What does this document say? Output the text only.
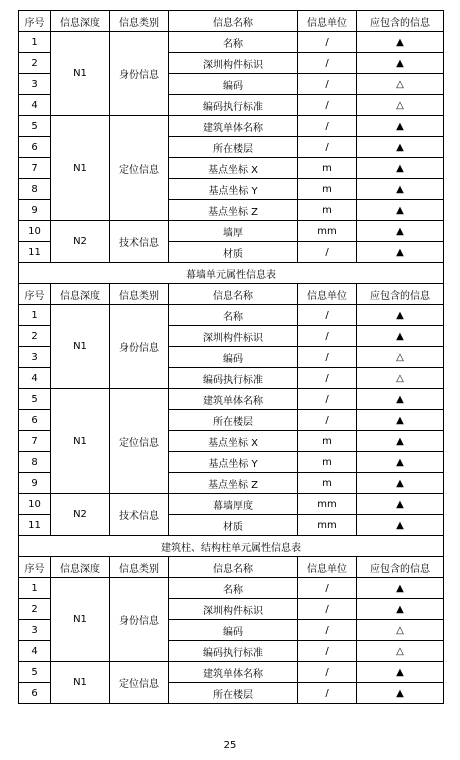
序号	信息深度	信息类别	信息名称	信息单位	应包含的信息
1	N1	身份信息	名称	/	▲
2			深圳构件标识	/	▲
3			编码	/	△
4			编码执行标准	/	△
5	N1	定位信息	建筑单体名称	/	▲
6			所在楼层	/	▲
7			基点坐标 X	m	▲
8			基点坐标 Y	m	▲
9			基点坐标 Z	m	▲
10	N2	技术信息	墙厚	mm	▲
11			材质	/	▲
幕墙单元属性信息表					
序号	信息深度	信息类别	信息名称	信息单位	应包含的信息
1	N1	身份信息	名称	/	▲
2			深圳构件标识	/	▲
3			编码	/	△
4			编码执行标准	/	△
5	N1	定位信息	建筑单体名称	/	▲
6			所在楼层	/	▲
7			基点坐标 X	m	▲
8			基点坐标 Y	m	▲
9			基点坐标 Z	m	▲
10	N2	技术信息	幕墙厚度	mm	▲
11			材质	mm	▲
建筑柱、结构柱单元属性信息表					
序号	信息深度	信息类别	信息名称	信息单位	应包含的信息
1	N1	身份信息	名称	/	▲
2			深圳构件标识	/	▲
3			编码	/	△
4			编码执行标准	/	△
5	N1	定位信息	建筑单体名称	/	▲
6			所在楼层	/	▲
25
